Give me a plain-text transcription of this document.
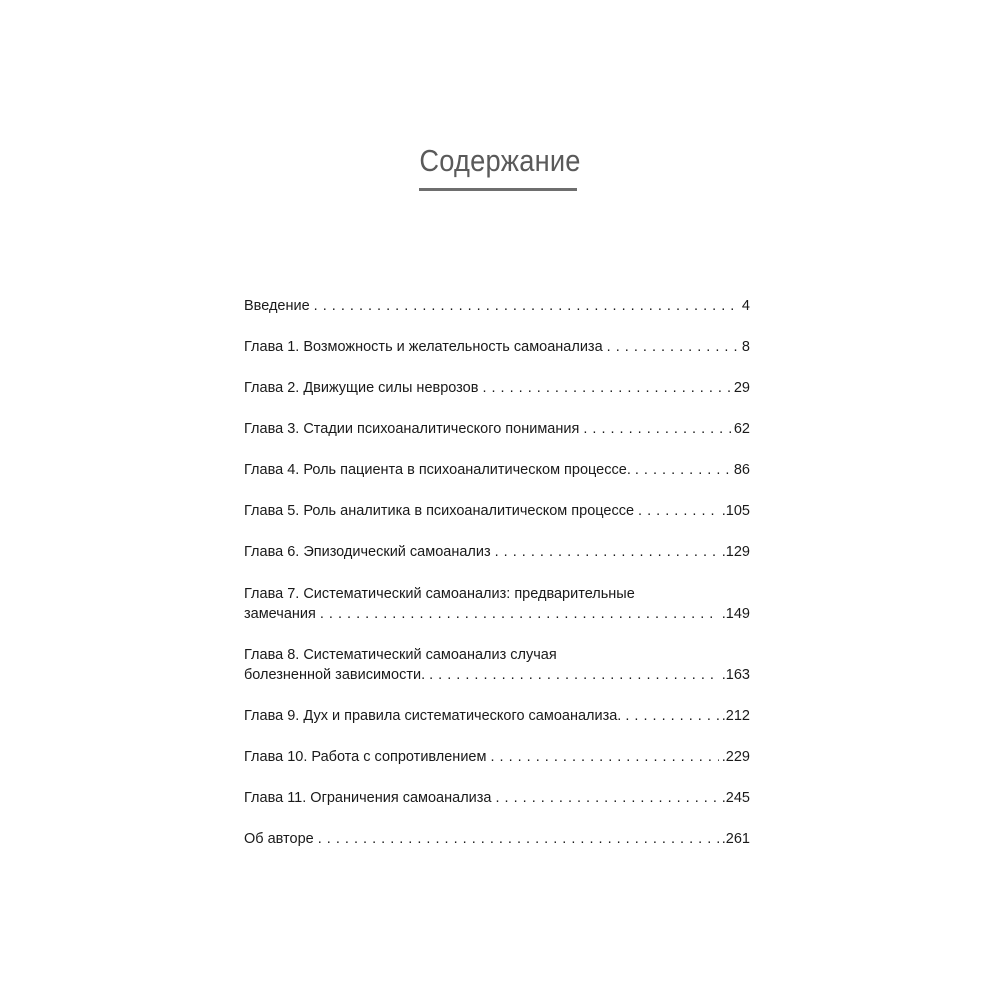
Содержание
Введение . . .	4
Глава 1. Возможность и желательность самоанализа . . .	8
Глава 2. Движущие силы неврозов . . .	29
Глава 3. Стадии психоаналитического понимания . . .	62
Глава 4. Роль пациента в психоаналитическом процессе. . . .	86
Глава 5. Роль аналитика в психоаналитическом процессе . . .	.105
Глава 6. Эпизодический самоанализ . . .	.129
Глава 7. Систематический самоанализ: предварительные
замечания . . .	.149
Глава 8. Систематический самоанализ случая
болезненной зависимости. . . .	.163
Глава 9. Дух и правила систематического самоанализа. . . .	.212
Глава 10. Работа с сопротивлением . . .	.229
Глава 11. Ограничения самоанализа . . .	.245
Об авторе . . .	.261
